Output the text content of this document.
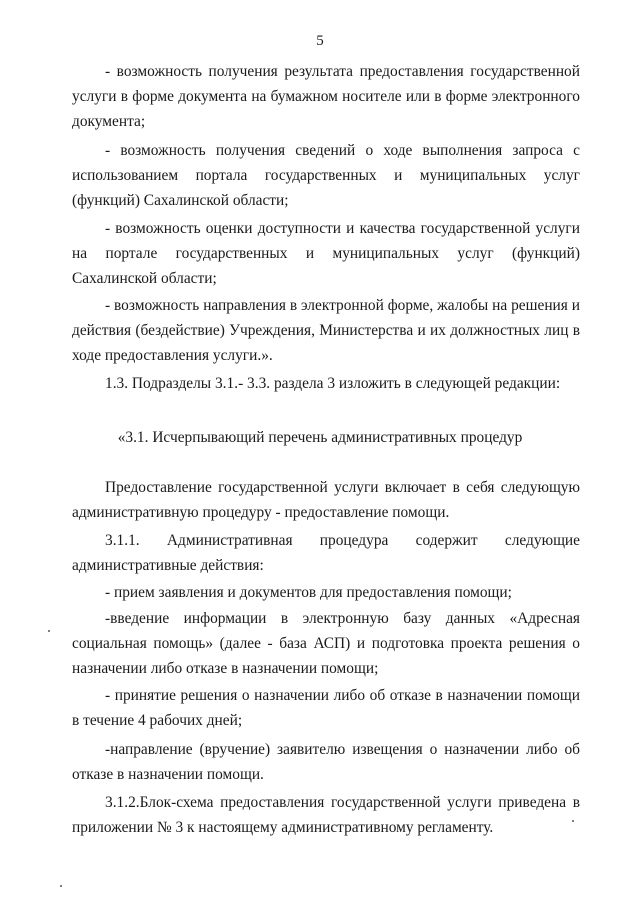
5

- возможность получения результата предоставления государственной услуги в форме документа на бумажном носителе или в форме электронного документа;

- возможность получения сведений о ходе выполнения запроса с использованием портала государственных и муниципальных услуг (функций) Сахалинской области;

- возможность оценки доступности и качества государственной услуги на портале государственных и муниципальных услуг (функций) Сахалинской области;

- возможность направления в электронной форме, жалобы на решения и действия (бездействие) Учреждения, Министерства и их должностных лиц в ходе предоставления услуги.».

1.3. Подразделы 3.1.- 3.3. раздела 3 изложить в следующей редакции:

«3.1. Исчерпывающий перечень административных процедур

Предоставление государственной услуги включает в себя следующую административную процедуру - предоставление помощи.

3.1.1. Административная процедура содержит следующие административные действия:

- прием заявления и документов для предоставления помощи;

-введение информации в электронную базу данных «Адресная социальная помощь» (далее - база АСП) и подготовка проекта решения о назначении либо отказе в назначении помощи;

- принятие решения о назначении либо об отказе в назначении помощи в течение 4 рабочих дней;

-направление (вручение) заявителю извещения о назначении либо об отказе в назначении помощи.

3.1.2.Блок-схема предоставления государственной услуги приведена в приложении № 3 к настоящему административному регламенту.
